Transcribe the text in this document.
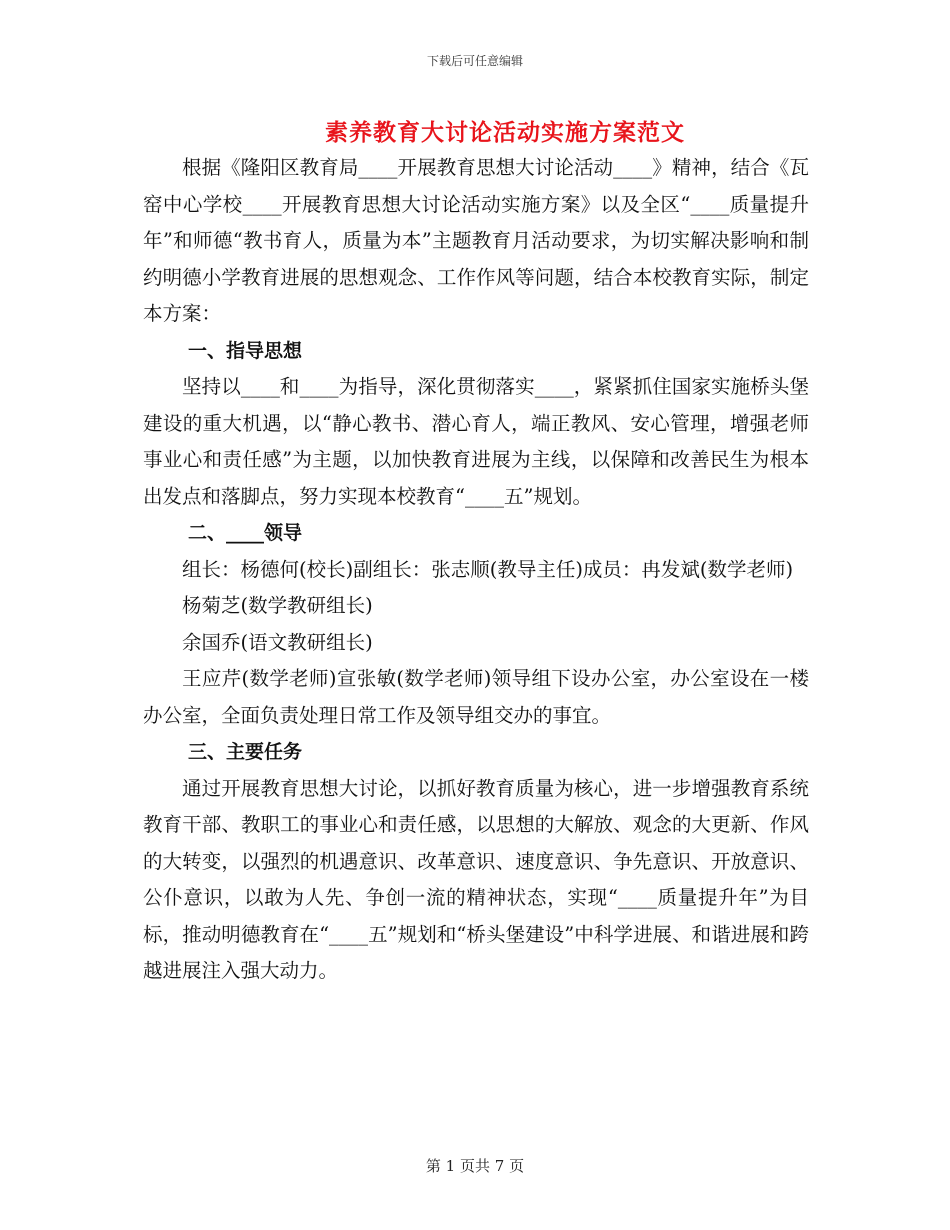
下载后可任意编辑
素养教育大讨论活动实施方案范文

根据《隆阳区教育局____开展教育思想大讨论活动____》精神，结合《瓦窑中心学校____开展教育思想大讨论活动实施方案》以及全区“____质量提升年”和师德“教书育人，质量为本”主题教育月活动要求，为切实解决影响和制约明德小学教育进展的思想观念、工作作风等问题，结合本校教育实际，制定本方案：

一、指导思想

坚持以____和____为指导，深化贯彻落实____，紧紧抓住国家实施桥头堡建设的重大机遇，以“静心教书、潜心育人，端正教风、安心管理，增强老师事业心和责任感”为主题，以加快教育进展为主线，以保障和改善民生为根本出发点和落脚点，努力实现本校教育“____五”规划。

二、____领导

组长：杨德何(校长)副组长：张志顺(教导主任)成员：冉发斌(数学老师)

杨菊芝(数学教研组长)

余国乔(语文教研组长)

王应芹(数学老师)宣张敏(数学老师)领导组下设办公室，办公室设在一楼办公室，全面负责处理日常工作及领导组交办的事宜。

三、主要任务

通过开展教育思想大讨论，以抓好教育质量为核心，进一步增强教育系统教育干部、教职工的事业心和责任感，以思想的大解放、观念的大更新、作风的大转变，以强烈的机遇意识、改革意识、速度意识、争先意识、开放意识、公仆意识，以敢为人先、争创一流的精神状态，实现“____质量提升年”为目标，推动明德教育在“____五”规划和“桥头堡建设”中科学进展、和谐进展和跨越进展注入强大动力。

第 1 页共 7 页
